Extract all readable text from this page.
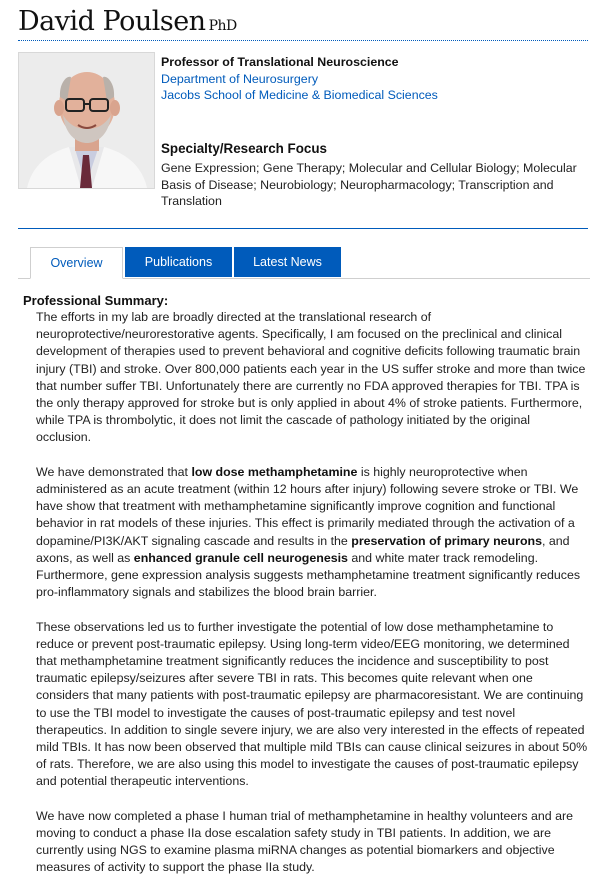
David Poulsen PhD
Professor of Translational Neuroscience
Department of Neurosurgery
Jacobs School of Medicine & Biomedical Sciences
Specialty/Research Focus
Gene Expression; Gene Therapy; Molecular and Cellular Biology; Molecular Basis of Disease; Neurobiology; Neuropharmacology; Transcription and Translation
Overview	Publications	Latest News
Professional Summary:

The efforts in my lab are broadly directed at the translational research of neuroprotective/neurorestorative agents. Specifically, I am focused on the preclinical and clinical development of therapies used to prevent behavioral and cognitive deficits following traumatic brain injury (TBI) and stroke. Over 800,000 patients each year in the US suffer stroke and more than twice that number suffer TBI. Unfortunately there are currently no FDA approved therapies for TBI. TPA is the only therapy approved for stroke but is only applied in about 4% of stroke patients. Furthermore, while TPA is thrombolytic, it does not limit the cascade of pathology initiated by the original occlusion.

We have demonstrated that low dose methamphetamine is highly neuroprotective when administered as an acute treatment (within 12 hours after injury) following severe stroke or TBI. We have show that treatment with methamphetamine significantly improve cognition and functional behavior in rat models of these injuries. This effect is primarily mediated through the activation of a dopamine/PI3K/AKT signaling cascade and results in the preservation of primary neurons, and axons, as well as enhanced granule cell neurogenesis and white mater track remodeling. Furthermore, gene expression analysis suggests methamphetamine treatment significantly reduces pro-inflammatory signals and stabilizes the blood brain barrier.

These observations led us to further investigate the potential of low dose methamphetamine to reduce or prevent post-traumatic epilepsy. Using long-term video/EEG monitoring, we determined that methamphetamine treatment significantly reduces the incidence and susceptibility to post traumatic epilepsy/seizures after severe TBI in rats. This becomes quite relevant when one considers that many patients with post-traumatic epilepsy are pharmacoresistant. We are continuing to use the TBI model to investigate the causes of post-traumatic epilepsy and test novel therapeutics. In addition to single severe injury, we are also very interested in the effects of repeated mild TBIs. It has now been observed that multiple mild TBIs can cause clinical seizures in about 50% of rats. Therefore, we are also using this model to investigate the causes of post-traumatic epilepsy and potential therapeutic interventions.

We have now completed a phase I human trial of methamphetamine in healthy volunteers and are moving to conduct a phase IIa dose escalation safety study in TBI patients. In addition, we are currently using NGS to examine plasma miRNA changes as potential biomarkers and objective measures of activity to support the phase IIa study.
